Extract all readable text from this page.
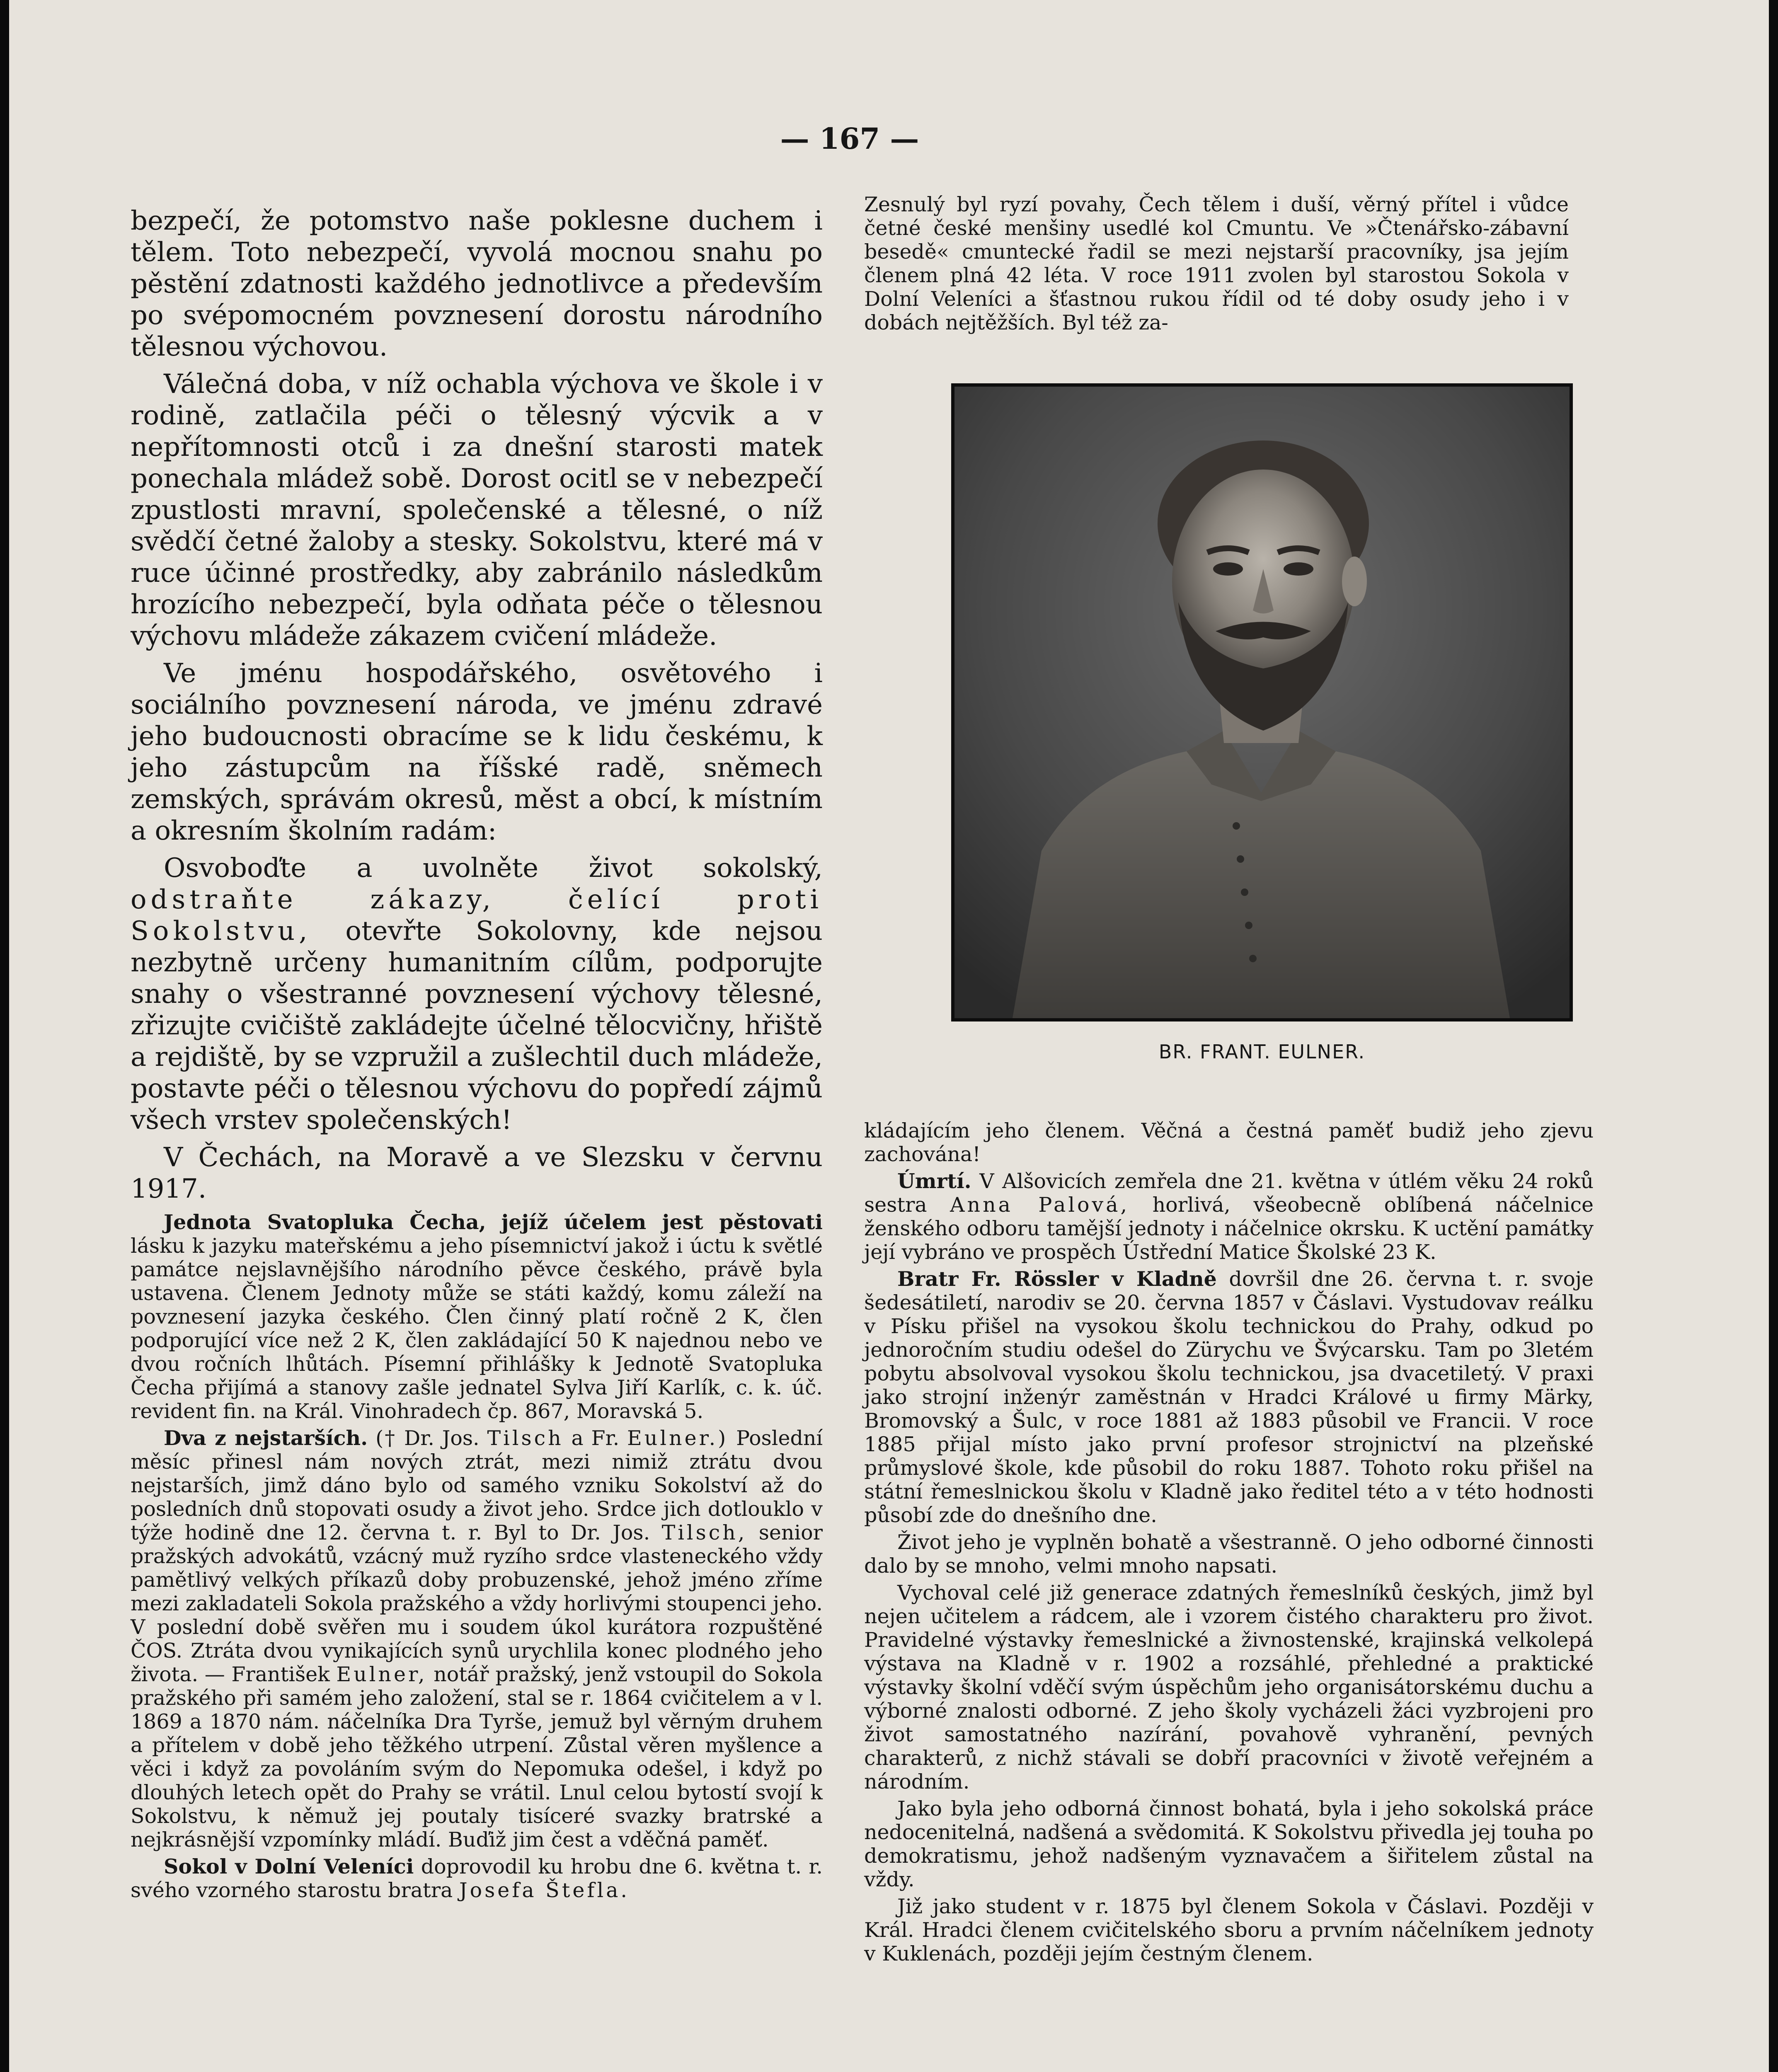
— 167 —

bezpečí, že potomstvo naše poklesne duchem i tělem. Toto nebezpečí, vyvolá mocnou snahu po pěstění zdatnosti každého jednotlivce a především po svépomocném povznesení dorostu národního tělesnou výchovou.

Válečná doba, v níž ochabla výchova ve škole i v rodině, zatlačila péči o tělesný výcvik a v nepřítomnosti otců i za dnešní starosti matek ponechala mládež sobě. Dorost ocitl se v nebezpečí zpustlosti mravní, společenské a tělesné, o níž svědčí četné žaloby a stesky. Sokolstvu, které má v ruce účinné prostředky, aby zabránilo následkům hrozícího nebezpečí, byla odňata péče o tělesnou výchovu mládeže zákazem cvičení mládeže.

Ve jménu hospodářského, osvětového i sociálního povznesení národa, ve jménu zdravé jeho budoucnosti obracíme se k lidu českému, k jeho zástupcům na říšské radě, sněmech zemských, správám okresů, měst a obcí, k místním a okresním školním radám:

Osvoboďte a uvolněte život sokolský, odstraňte zákazy, čelící proti Sokolstvu, otevřte Sokolovny, kde nejsou nezbytně určeny humanitním cílům, podporujte snahy o všestranné povznesení výchovy tělesné, zřizujte cvičiště zakládejte účelné tělocvičny, hřiště a rejdiště, by se vzpružil a zušlechtil duch mládeže, postavte péči o tělesnou výchovu do popředí zájmů všech vrstev společenských!

V Čechách, na Moravě a ve Slezsku v červnu 1917.

Jednota Svatopluka Čecha, jejíž účelem jest pěstovati lásku k jazyku mateřskému a jeho písemnictví jakož i úctu k světlé památce nejslavnějšího národního pěvce českého, právě byla ustavena. Členem Jednoty může se státi každý, komu záleží na povznesení jazyka českého. Člen činný platí ročně 2 K, člen podporující více než 2 K, člen zakládající 50 K najednou nebo ve dvou ročních lhůtách. Písemní přihlášky k Jednotě Svatopluka Čecha přijímá a stanovy zašle jednatel Sylva Jiří Karlík, c. k. úč. revident fin. na Král. Vinohradech čp. 867, Moravská 5.

Dva z nejstarších. († Dr. Jos. Tilsch a Fr. Eulner.) Poslední měsíc přinesl nám nových ztrát, mezi nimiž ztrátu dvou nejstarších, jimž dáno bylo od samého vzniku Sokolství až do posledních dnů stopovati osudy a život jeho. Srdce jich dotlouklo v týže hodině dne 12. června t. r. Byl to Dr. Jos. Tilsch, senior pražských advokátů, vzácný muž ryzího srdce vlasteneckého vždy pamětlivý velkých příkazů doby probuzenské, jehož jméno zříme mezi zakladateli Sokola pražského a vždy horlivými stoupenci jeho. V poslední době svěřen mu i soudem úkol kurátora rozpuštěné ČOS. Ztráta dvou vynikajících synů urychlila konec plodného jeho života. — František Eulner, notář pražský, jenž vstoupil do Sokola pražského při samém jeho založení, stal se r. 1864 cvičitelem a v l. 1869 a 1870 nám. náčelníka Dra Tyrše, jemuž byl věrným druhem a přítelem v době jeho těžkého utrpení. Zůstal věren myšlence a věci i když za povoláním svým do Nepomuka odešel, i když po dlouhých letech opět do Prahy se vrátil. Lnul celou bytostí svojí k Sokolstvu, k němuž jej poutaly tisíceré svazky bratrské a nejkrásnější vzpomínky mládí. Buďiž jim čest a vděčná paměť.

Sokol v Dolní Veleníci doprovodil ku hrobu dne 6. května t. r. svého vzorného starostu bratra Josefa Štefla.

Zesnulý byl ryzí povahy, Čech tělem i duší, věrný přítel i vůdce četné české menšiny usedlé kol Cmuntu. Ve »Čtenářsko-zábavní besedě« cmuntecké řadil se mezi nejstarší pracovníky, jsa jejím členem plná 42 léta. V roce 1911 zvolen byl starostou Sokola v Dolní Veleníci a šťastnou rukou řídil od té doby osudy jeho i v dobách nejtěžších. Byl též za-

BR. FRANT. EULNER.

kládajícím jeho členem. Věčná a čestná paměť budiž jeho zjevu zachována!

Úmrtí. V Alšovicích zemřela dne 21. května v útlém věku 24 roků sestra Anna Palová, horlivá, všeobecně oblíbená náčelnice ženského odboru tamější jednoty i náčelnice okrsku. K uctění památky její vybráno ve prospěch Ústřední Matice Školské 23 K.

Bratr Fr. Rössler v Kladně dovršil dne 26. června t. r. svoje šedesátiletí, narodiv se 20. června 1857 v Čáslavi. Vystudovav reálku v Písku přišel na vysokou školu technickou do Prahy, odkud po jednoročním studiu odešel do Zürychu ve Švýcarsku. Tam po 3letém pobytu absolvoval vysokou školu technickou, jsa dvacetiletý. V praxi jako strojní inženýr zaměstnán v Hradci Králové u firmy Märky, Bromovský a Šulc, v roce 1881 až 1883 působil ve Francii. V roce 1885 přijal místo jako první profesor strojnictví na plzeňské průmyslové škole, kde působil do roku 1887. Tohoto roku přišel na státní řemeslnickou školu v Kladně jako ředitel této a v této hodnosti působí zde do dnešního dne.

Život jeho je vyplněn bohatě a všestranně. O jeho odborné činnosti dalo by se mnoho, velmi mnoho napsati.

Vychoval celé již generace zdatných řemeslníků českých, jimž byl nejen učitelem a rádcem, ale i vzorem čistého charakteru pro život. Pravidelné výstavky řemeslnické a živnostenské, krajinská velkolepá výstava na Kladně v r. 1902 a rozsáhlé, přehledné a praktické výstavky školní vděčí svým úspěchům jeho organisátorskému duchu a výborné znalosti odborné. Z jeho školy vycházeli žáci vyzbrojeni pro život samostatného nazírání, povahově vyhranění, pevných charakterů, z nichž stávali se dobří pracovníci v životě veřejném a národním.

Jako byla jeho odborná činnost bohatá, byla i jeho sokolská práce nedocenitelná, nadšená a svědomitá. K Sokolstvu přivedla jej touha po demokratismu, jehož nadšeným vyznavačem a šiřitelem zůstal na vždy.

Již jako student v r. 1875 byl členem Sokola v Čáslavi. Později v Král. Hradci členem cvičitelského sboru a prvním náčelníkem jednoty v Kuklenách, později jejím čestným členem.
